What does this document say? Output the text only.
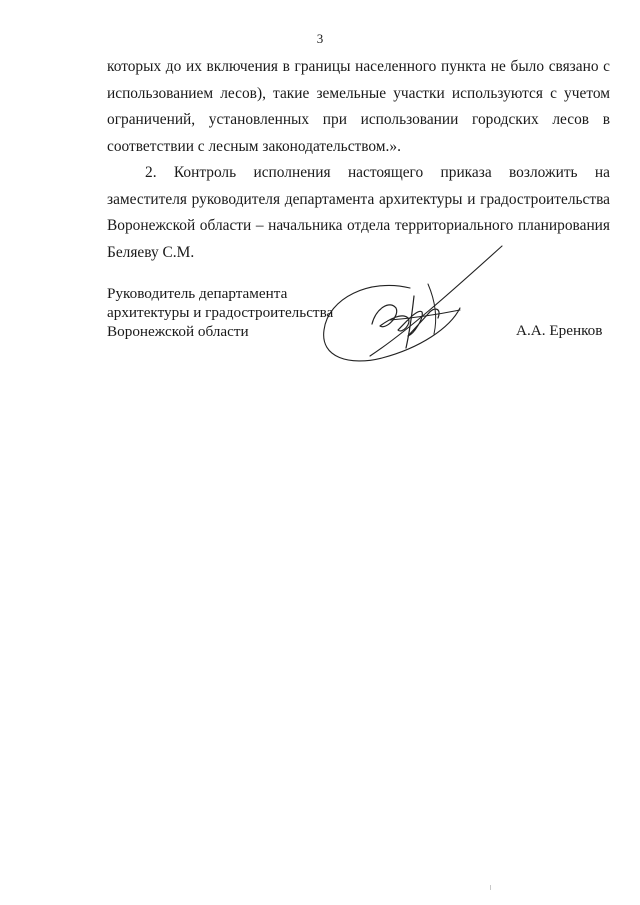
3

которых до их включения в границы населенного пункта не было связано с использованием лесов), такие земельные участки используются с учетом ограничений, установленных при использовании городских лесов в соответствии с лесным законодательством.».

2. Контроль исполнения настоящего приказа возложить на заместителя руководителя департамента архитектуры и градостроительства Воронежской области – начальника отдела территориального планирования Беляеву С.М.

Руководитель департамента
архитектуры и градостроительства
Воронежской области	А.А. Еренков
